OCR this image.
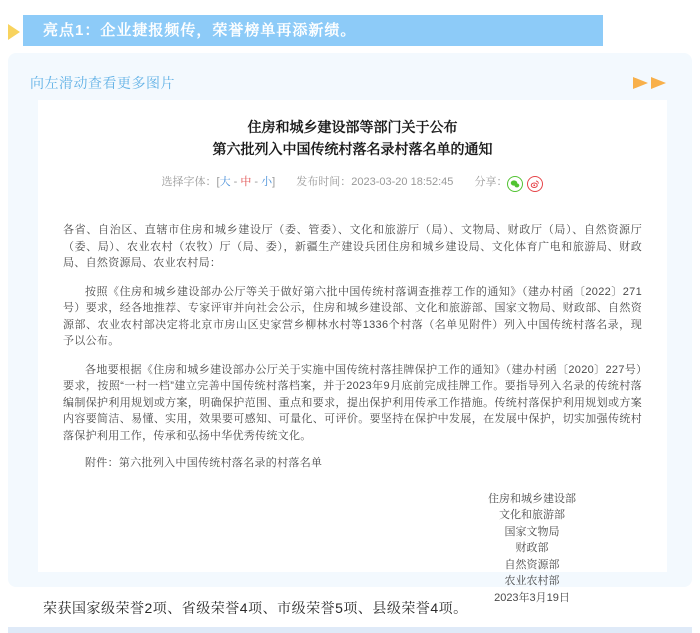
亮点1：企业捷报频传，荣誉榜单再添新绩。
向左滑动查看更多图片
住房和城乡建设部等部门关于公布
第六批列入中国传统村落名录村落名单的通知
选择字体：[大 - 中 - 小] 发布时间：2023-03-20 18:52:45 分享：

各省、自治区、直辖市住房和城乡建设厅（委、管委）、文化和旅游厅（局）、文物局、财政厅（局）、自然资源厅（委、局）、农业农村（农牧）厅（局、委），新疆生产建设兵团住房和城乡建设局、文化体育广电和旅游局、财政局、自然资源局、农业农村局：

按照《住房和城乡建设部办公厅等关于做好第六批中国传统村落调查推荐工作的通知》（建办村函〔2022〕271号）要求，经各地推荐、专家评审并向社会公示，住房和城乡建设部、文化和旅游部、国家文物局、财政部、自然资源部、农业农村部决定将北京市房山区史家营乡柳林水村等1336个村落（名单见附件）列入中国传统村落名录，现予以公布。

各地要根据《住房和城乡建设部办公厅关于实施中国传统村落挂牌保护工作的通知》（建办村函〔2020〕227号）要求，按照“一村一档”建立完善中国传统村落档案，并于2023年9月底前完成挂牌工作。要指导列入名录的传统村落编制保护利用规划或方案，明确保护范围、重点和要求，提出保护利用传承工作措施。传统村落保护利用规划或方案内容要简洁、易懂、实用，效果要可感知、可量化、可评价。要坚持在保护中发展，在发展中保护，切实加强传统村落保护利用工作，传承和弘扬中华优秀传统文化。

附件：第六批列入中国传统村落名录的村落名单

住房和城乡建设部
文化和旅游部
国家文物局
财政部
自然资源部
农业农村部
2023年3月19日
荣获国家级荣誉2项、省级荣誉4项、市级荣誉5项、县级荣誉4项。
